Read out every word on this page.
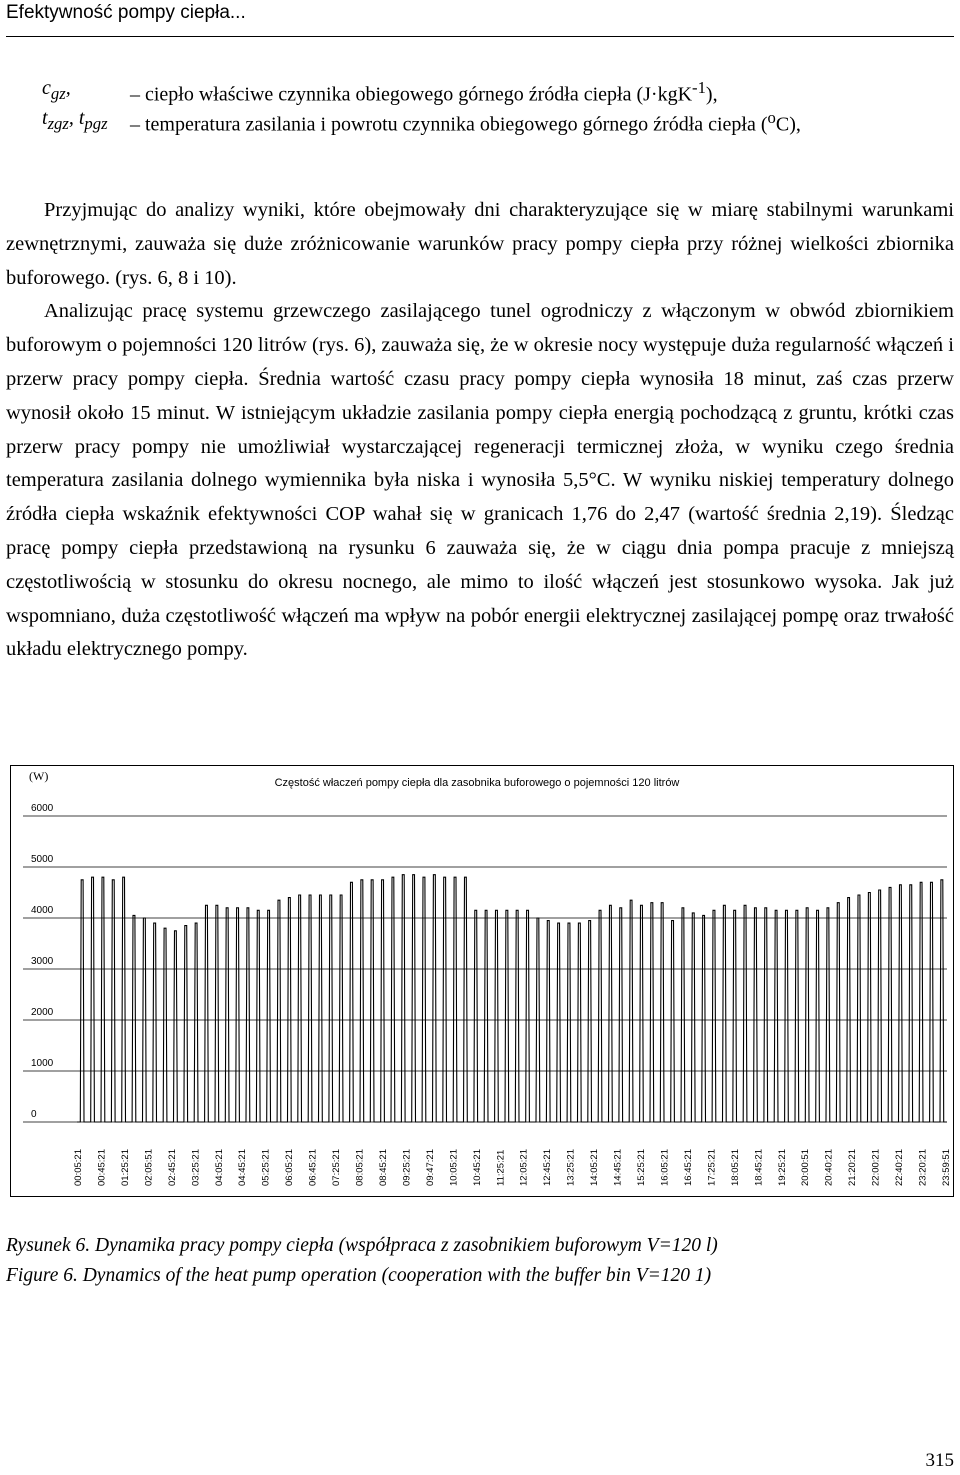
Efektywność pompy ciepła...
$c_{gz}$,	– ciepło właściwe czynnika obiegowego górnego źródła ciepła (J·kgK$^{-1}$),
$t_{zgz}$, $t_{pgz}$	– temperatura zasilania i powrotu czynnika obiegowego górnego źródła ciepła ($^o$C),

Przyjmując do analizy wyniki, które obejmowały dni charakteryzujące się w miarę stabilnymi warunkami zewnętrznymi, zauważa się duże zróżnicowanie warunków pracy pompy ciepła przy różnej wielkości zbiornika buforowego. (rys. 6, 8 i 10).

Analizując pracę systemu grzewczego zasilającego tunel ogrodniczy z włączonym w obwód zbiornikiem buforowym o pojemności 120 litrów (rys. 6), zauważa się, że w okresie nocy występuje duża regularność włączeń i przerw pracy pompy ciepła. Średnia wartość czasu pracy pompy ciepła wynosiła 18 minut, zaś czas przerw wynosił około 15 minut. W istniejącym układzie zasilania pompy ciepła energią pochodzącą z gruntu, krótki czas przerw pracy pompy nie umożliwiał wystarczającej regeneracji termicznej złoża, w wyniku czego średnia temperatura zasilania dolnego wymiennika była niska i wynosiła 5,5°C. W wyniku niskiej temperatury dolnego źródła ciepła wskaźnik efektywności COP wahał się w granicach 1,76 do 2,47 (wartość średnia 2,19). Śledząc pracę pompy ciepła przedstawioną na rysunku 6 zauważa się, że w ciągu dnia pompa pracuje z mniejszą częstotliwością w stosunku do okresu nocnego, ale mimo to ilość włączeń jest stosunkowo wysoka. Jak już wspomniano, duża częstotliwość włączeń ma wpływ na pobór energii elektrycznej zasilającej pompę oraz trwałość układu elektrycznego pompy.

0
1000
2000
3000
4000
5000
6000
00:05:21 00:45:21 01:25:21 02:05:51 02:45:21 03:25:21 04:05:21 04:45:21 05:25:21 06:05:21 06:45:21 07:25:21 08:05:21 08:45:21 09:25:21 09:47:21 10:05:21 10:45:21 11:25:21 12:05:21 12:45:21 13:25:21 14:05:21 14:45:21 15:25:21 16:05:21 16:45:21 17:25:21 18:05:21 18:45:21 19:25:21 20:00:51 20:40:21 21:20:21 22:00:21 22:40:21 23:20:21 23:59:51
(W)	Częstość właczeń pompy ciepła dla zasobnika buforowego o pojemności 120 litrów
Rysunek 6. Dynamika pracy pompy ciepła (współpraca z zasobnikiem buforowym V=120 l)
Figure 6. Dynamics of the heat pump operation (cooperation with the buffer bin V=120 1)
315
